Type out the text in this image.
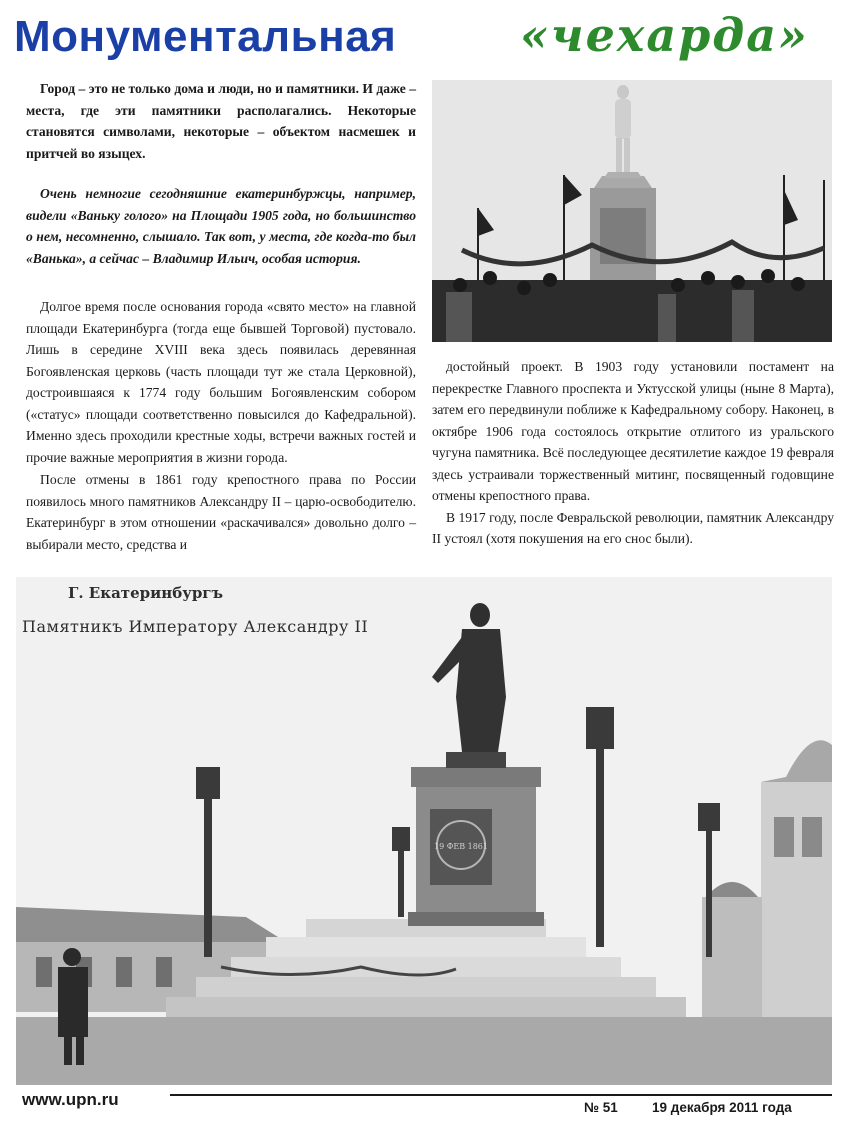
Монументальная	«чехарда»

Город – это не только дома и люди, но и памятники. И даже – места, где эти памятники располагались. Некоторые становятся символами, некоторые – объектом насмешек и притчей во языцех.

Очень немногие сегодняшние екатеринбуржцы, например, видели «Ваньку голого» на Площади 1905 года, но большинство о нем, несомненно, слышало. Так вот, у места, где когда-то был «Ванька», а сейчас – Владимир Ильич, особая история.

Долгое время после основания города «свято место» на главной площади Екатеринбурга (тогда еще бывшей Торговой) пустовало. Лишь в середине XVIII века здесь появилась деревянная Богоявленская церковь (часть площади тут же стала Церковной), достроившаяся к 1774 году большим Богоявленским собором («статус» площади соответственно повысился до Кафедральной). Именно здесь проходили крестные ходы, встречи важных гостей и прочие важные мероприятия в жизни города.

После отмены в 1861 году крепостного права по России появилось много памятников Александру II – царю-освободителю. Екатеринбург в этом отношении «раскачивался» довольно долго – выбирали место, средства и

достойный проект. В 1903 году установили постамент на перекрестке Главного проспекта и Уктусской улицы (ныне 8 Марта), затем его передвинули поближе к Кафедральному собору. Наконец, в октябре 1906 года состоялось открытие отлитого из уральского чугуна памятника. Всё последующее десятилетие каждое 19 февраля здесь устраивали торжественный митинг, посвященный годовщине отмены крепостного права.

В 1917 году, после Февральской революции, памятник Александру II устоял (хотя покушения на его снос были).

19 ФЕВ 1861
Г. Екатеринбургъ
Памятникъ Императору Александру II
www.upn.ru	№ 51	19 декабря 2011 года
